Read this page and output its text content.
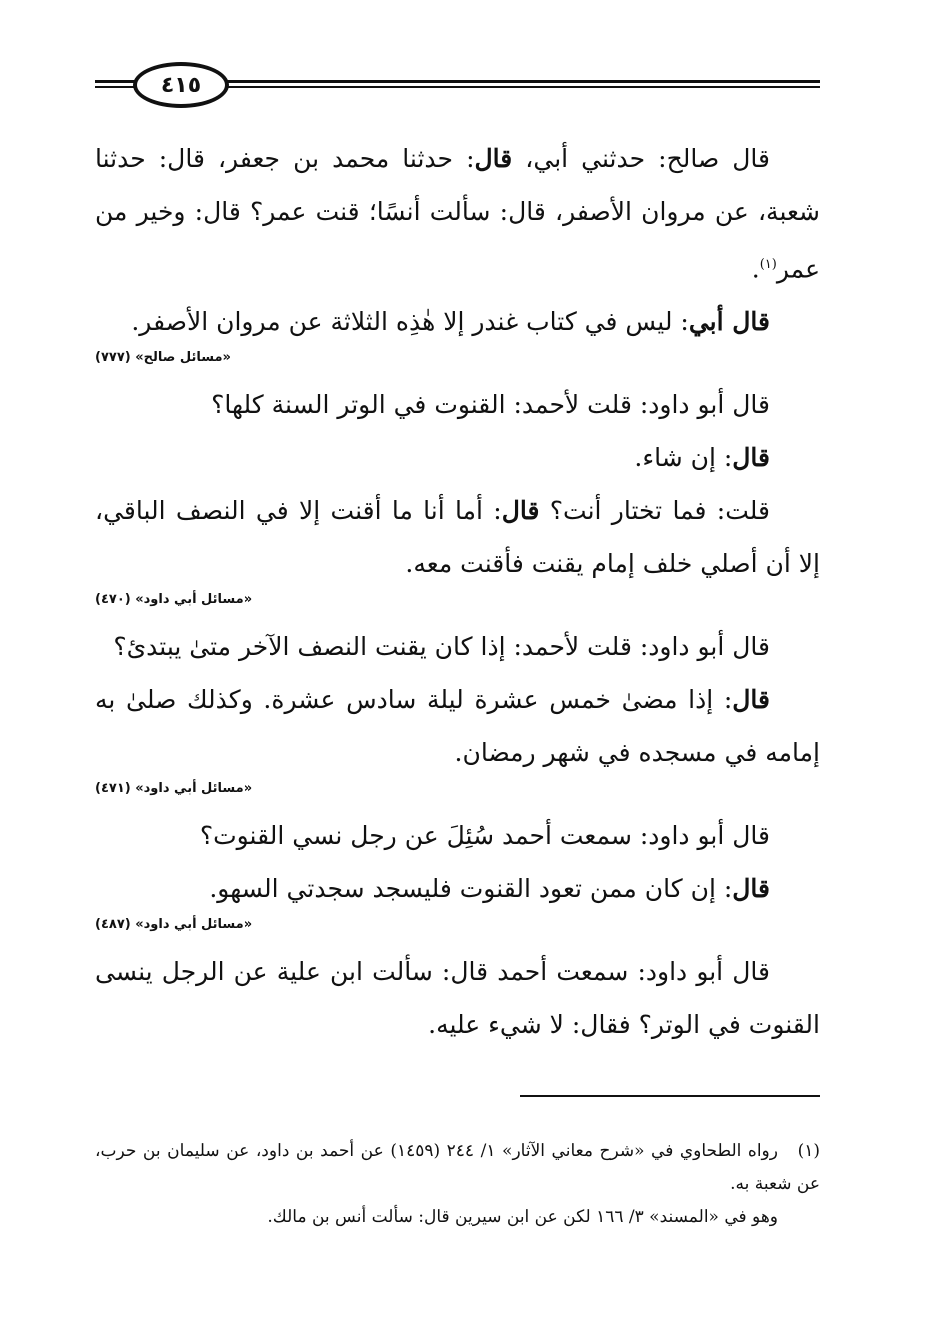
٤١٥

قال صالح: حدثني أبي، قال: حدثنا محمد بن جعفر، قال: حدثنا شعبة، عن مروان الأصفر، قال: سألت أنسًا؛ قنت عمر؟ قال: وخير من عمر$^{(١)}$.

قال أبي: ليس في كتاب غندر إلا هٰذِه الثلاثة عن مروان الأصفر.

«مسائل صالح» (٧٧٧)

قال أبو داود: قلت لأحمد: القنوت في الوتر السنة كلها؟

قال: إن شاء.

قلت: فما تختار أنت؟ قال: أما أنا ما أقنت إلا في النصف الباقي، إلا أن أصلي خلف إمام يقنت فأقنت معه.

«مسائل أبي داود» (٤٧٠)

قال أبو داود: قلت لأحمد: إذا كان يقنت النصف الآخر متىٰ يبتدئ؟

قال: إذا مضىٰ خمس عشرة ليلة سادس عشرة. وكذلك صلىٰ به إمامه في مسجده في شهر رمضان.

«مسائل أبي داود» (٤٧١)

قال أبو داود: سمعت أحمد سُئِلَ عن رجل نسي القنوت؟

قال: إن كان ممن تعود القنوت فليسجد سجدتي السهو.

«مسائل أبي داود» (٤٨٧)

قال أبو داود: سمعت أحمد قال: سألت ابن علية عن الرجل ينسى القنوت في الوتر؟ فقال: لا شيء عليه.

(١)رواه الطحاوي في «شرح معاني الآثار» ١/ ٢٤٤ (١٤٥٩) عن أحمد بن داود، عن سليمان بن حرب، عن شعبة به.

وهو في «المسند» ٣/ ١٦٦ لكن عن ابن سيرين قال: سألت أنس بن مالك.
